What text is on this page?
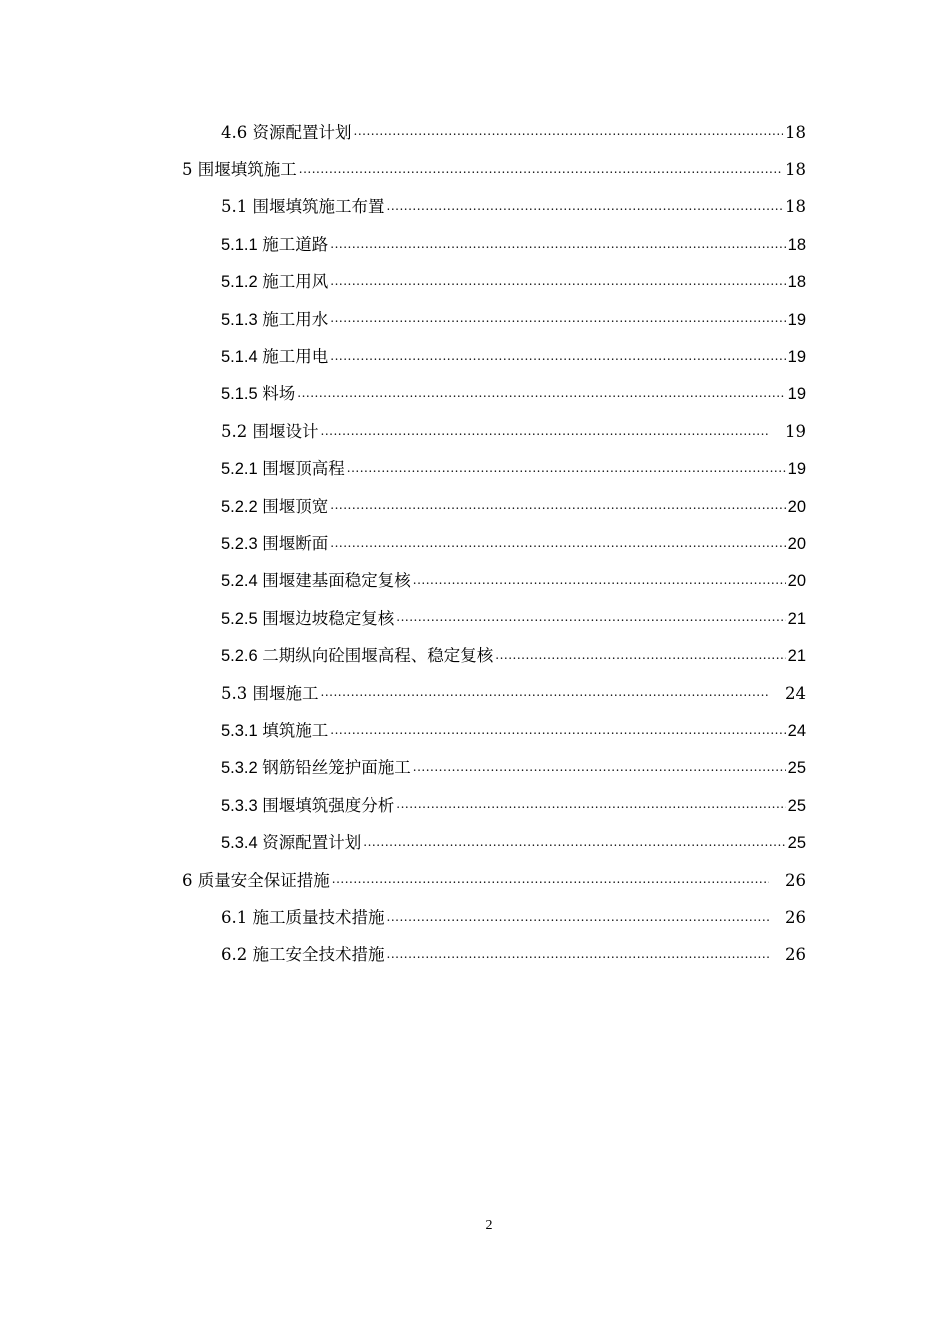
4.6 资源配置计划 .....	18
5 围堰填筑施工 .....	18
5.1 围堰填筑施工布置 .....	18
5.1.1 施工道路 .....	18
5.1.2 施工用风 .....	18
5.1.3 施工用水 .....	19
5.1.4 施工用电 .....	19
5.1.5 料场 .....	19
5.2 围堰设计 .....	19
5.2.1 围堰顶高程 .....	19
5.2.2 围堰顶宽 .....	20
5.2.3 围堰断面 .....	20
5.2.4 围堰建基面稳定复核 .....	20
5.2.5 围堰边坡稳定复核 .....	21
5.2.6 二期纵向砼围堰高程、稳定复核 .....	21
5.3 围堰施工 .....	24
5.3.1 填筑施工 .....	24
5.3.2 钢筋铅丝笼护面施工 .....	25
5.3.3 围堰填筑强度分析 .....	25
5.3.4 资源配置计划 .....	25
6 质量安全保证措施 .....	26
6.1 施工质量技术措施 .....	26
6.2 施工安全技术措施 .....	26
2
